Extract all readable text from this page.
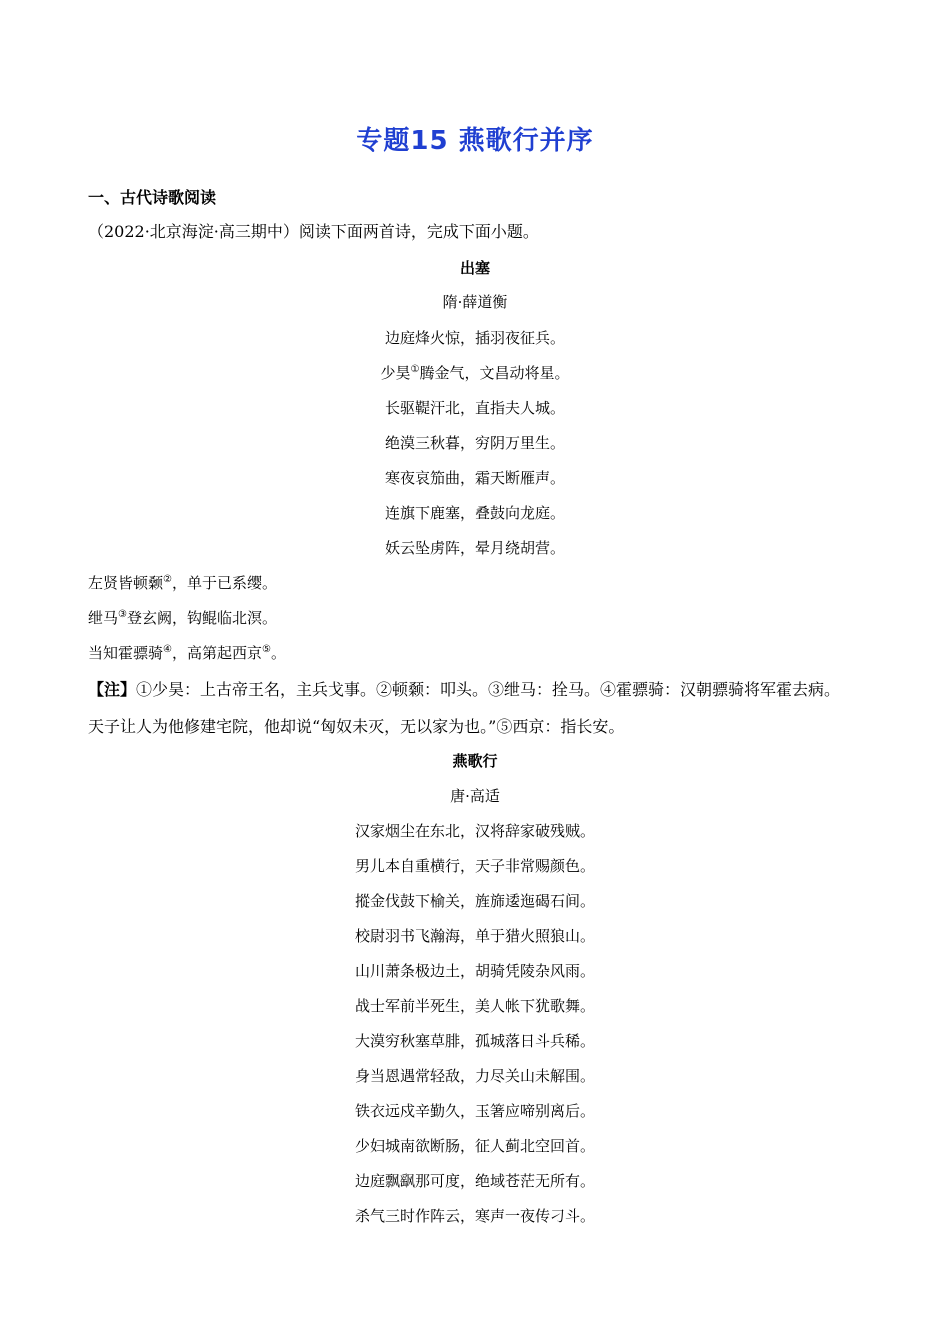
专题15 燕歌行并序
一、古代诗歌阅读
（2022·北京海淀·高三期中）阅读下面两首诗，完成下面小题。
出塞
隋·薛道衡
边庭烽火惊，插羽夜征兵。
少昊①腾金气，文昌动将星。
长驱鞮汗北，直指夫人城。
绝漠三秋暮，穷阴万里生。
寒夜哀笳曲，霜天断雁声。
连旗下鹿塞，叠鼓向龙庭。
妖云坠虏阵，晕月绕胡营。
左贤皆顿颡②，单于已系缨。
绁马③登玄阙，钩鲲临北溟。
当知霍骠骑④，高第起西京⑤。
【注】①少昊：上古帝王名，主兵戈事。②顿颡：叩头。③绁马：拴马。④霍骠骑：汉朝骠骑将军霍去病。
天子让人为他修建宅院，他却说“匈奴未灭，无以家为也。”⑤西京：指长安。
燕歌行
唐·高适
汉家烟尘在东北，汉将辞家破残贼。
男儿本自重横行，天子非常赐颜色。
摐金伐鼓下榆关，旌旆逶迤碣石间。
校尉羽书飞瀚海，单于猎火照狼山。
山川萧条极边土，胡骑凭陵杂风雨。
战士军前半死生，美人帐下犹歌舞。
大漠穷秋塞草腓，孤城落日斗兵稀。
身当恩遇常轻敌，力尽关山未解围。
铁衣远戍辛勤久，玉箸应啼别离后。
少妇城南欲断肠，征人蓟北空回首。
边庭飘飖那可度，绝域苍茫无所有。
杀气三时作阵云，寒声一夜传刁斗。
